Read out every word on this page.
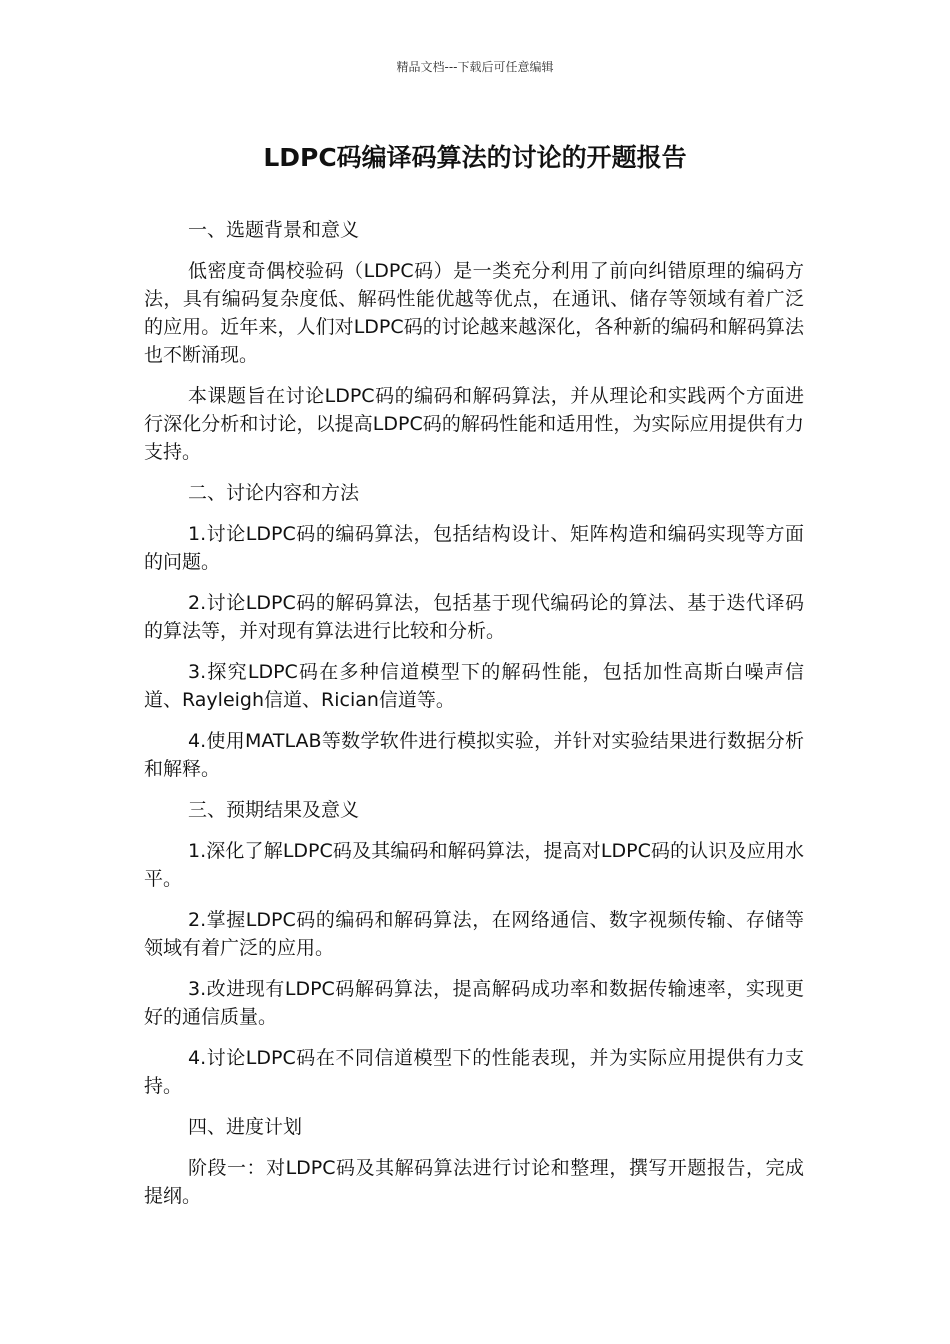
精品文档---下载后可任意编辑
LDPC码编译码算法的讨论的开题报告

一、选题背景和意义

低密度奇偶校验码（LDPC码）是一类充分利用了前向纠错原理的编码方法，具有编码复杂度低、解码性能优越等优点，在通讯、储存等领域有着广泛的应用。近年来，人们对LDPC码的讨论越来越深化，各种新的编码和解码算法也不断涌现。

本课题旨在讨论LDPC码的编码和解码算法，并从理论和实践两个方面进行深化分析和讨论，以提高LDPC码的解码性能和适用性，为实际应用提供有力支持。

二、讨论内容和方法

1.讨论LDPC码的编码算法，包括结构设计、矩阵构造和编码实现等方面的问题。

2.讨论LDPC码的解码算法，包括基于现代编码论的算法、基于迭代译码的算法等，并对现有算法进行比较和分析。

3.探究LDPC码在多种信道模型下的解码性能，包括加性高斯白噪声信道、Rayleigh信道、Rician信道等。

4.使用MATLAB等数学软件进行模拟实验，并针对实验结果进行数据分析和解释。

三、预期结果及意义

1.深化了解LDPC码及其编码和解码算法，提高对LDPC码的认识及应用水平。

2.掌握LDPC码的编码和解码算法，在网络通信、数字视频传输、存储等领域有着广泛的应用。

3.改进现有LDPC码解码算法，提高解码成功率和数据传输速率，实现更好的通信质量。

4.讨论LDPC码在不同信道模型下的性能表现，并为实际应用提供有力支持。

四、进度计划

阶段一：对LDPC码及其解码算法进行讨论和整理，撰写开题报告，完成提纲。
